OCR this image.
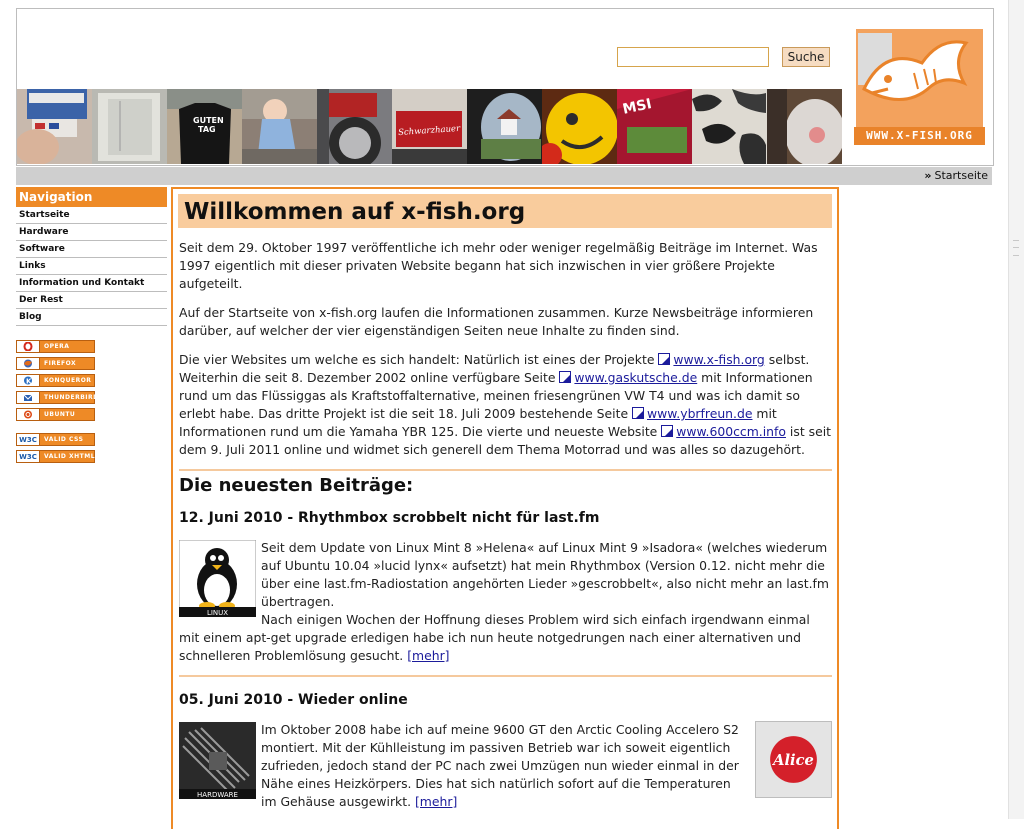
Suche
GUTEN
TAG	Schwarzhauer
MSI
WWW.X-FISH.ORG
» Startseite
Navigation
Startseite
Hardware
Software
Links
Information und Kontakt
Der Rest
Blog
OPERA
FIREFOX
K	KONQUEROR
THUNDERBIRD
UBUNTU
W3C	VALID CSS
W3C	VALID XHTML
Willkommen auf x-fish.org

Seit dem 29. Oktober 1997 veröffentliche ich mehr oder weniger regelmäßig Beiträge im Internet. Was 1997 eigentlich mit dieser privaten Website begann hat sich inzwischen in vier größere Projekte aufgeteilt.

Auf der Startseite von x-fish.org laufen die Informationen zusammen. Kurze Newsbeiträge informieren darüber, auf welcher der vier eigenständigen Seiten neue Inhalte zu finden sind.

Die vier Websites um welche es sich handelt: Natürlich ist eines der Projekte www.x-fish.org selbst. Weiterhin die seit 8. Dezember 2002 online verfügbare Seite www.gaskutsche.de mit Informationen rund um das Flüssiggas als Kraftstoffalternative, meinen friesengrünen VW T4 und was ich damit so erlebt habe. Das dritte Projekt ist die seit 18. Juli 2009 bestehende Seite www.ybrfreun.de mit Informationen rund um die Yamaha YBR 125. Die vierte und neueste Website www.600ccm.info ist seit dem 9. Juli 2011 online und widmet sich generell dem Thema Motorrad und was alles so dazugehört.

Die neuesten Beiträge:
12. Juni 2010 - Rhythmbox scrobbelt nicht für last.fm
LINUX
Seit dem Update von Linux Mint 8 »Helena« auf Linux Mint 9 »Isadora« (welches wiederum auf Ubuntu 10.04 »lucid lynx« aufsetzt) hat mein Rhythmbox (Version 0.12. nicht mehr die über eine last.fm-Radiostation angehörten Lieder »gescrobbelt«, also nicht mehr an last.fm übertragen.
Nach einigen Wochen der Hoffnung dieses Problem wird sich einfach irgendwann einmal mit einem apt-get upgrade erledigen habe ich nun heute notgedrungen nach einer alternativen und schnelleren Problemlösung gesucht. [mehr]
05. Juni 2010 - Wieder online
HARDWARE
Alice
Im Oktober 2008 habe ich auf meine 9600 GT den Arctic Cooling Accelero S2 montiert. Mit der Kühlleistung im passiven Betrieb war ich soweit eigentlich zufrieden, jedoch stand der PC nach zwei Umzügen nun wieder einmal in der Nähe eines Heizkörpers. Dies hat sich natürlich sofort auf die Temperaturen im Gehäuse ausgewirkt. [mehr]
